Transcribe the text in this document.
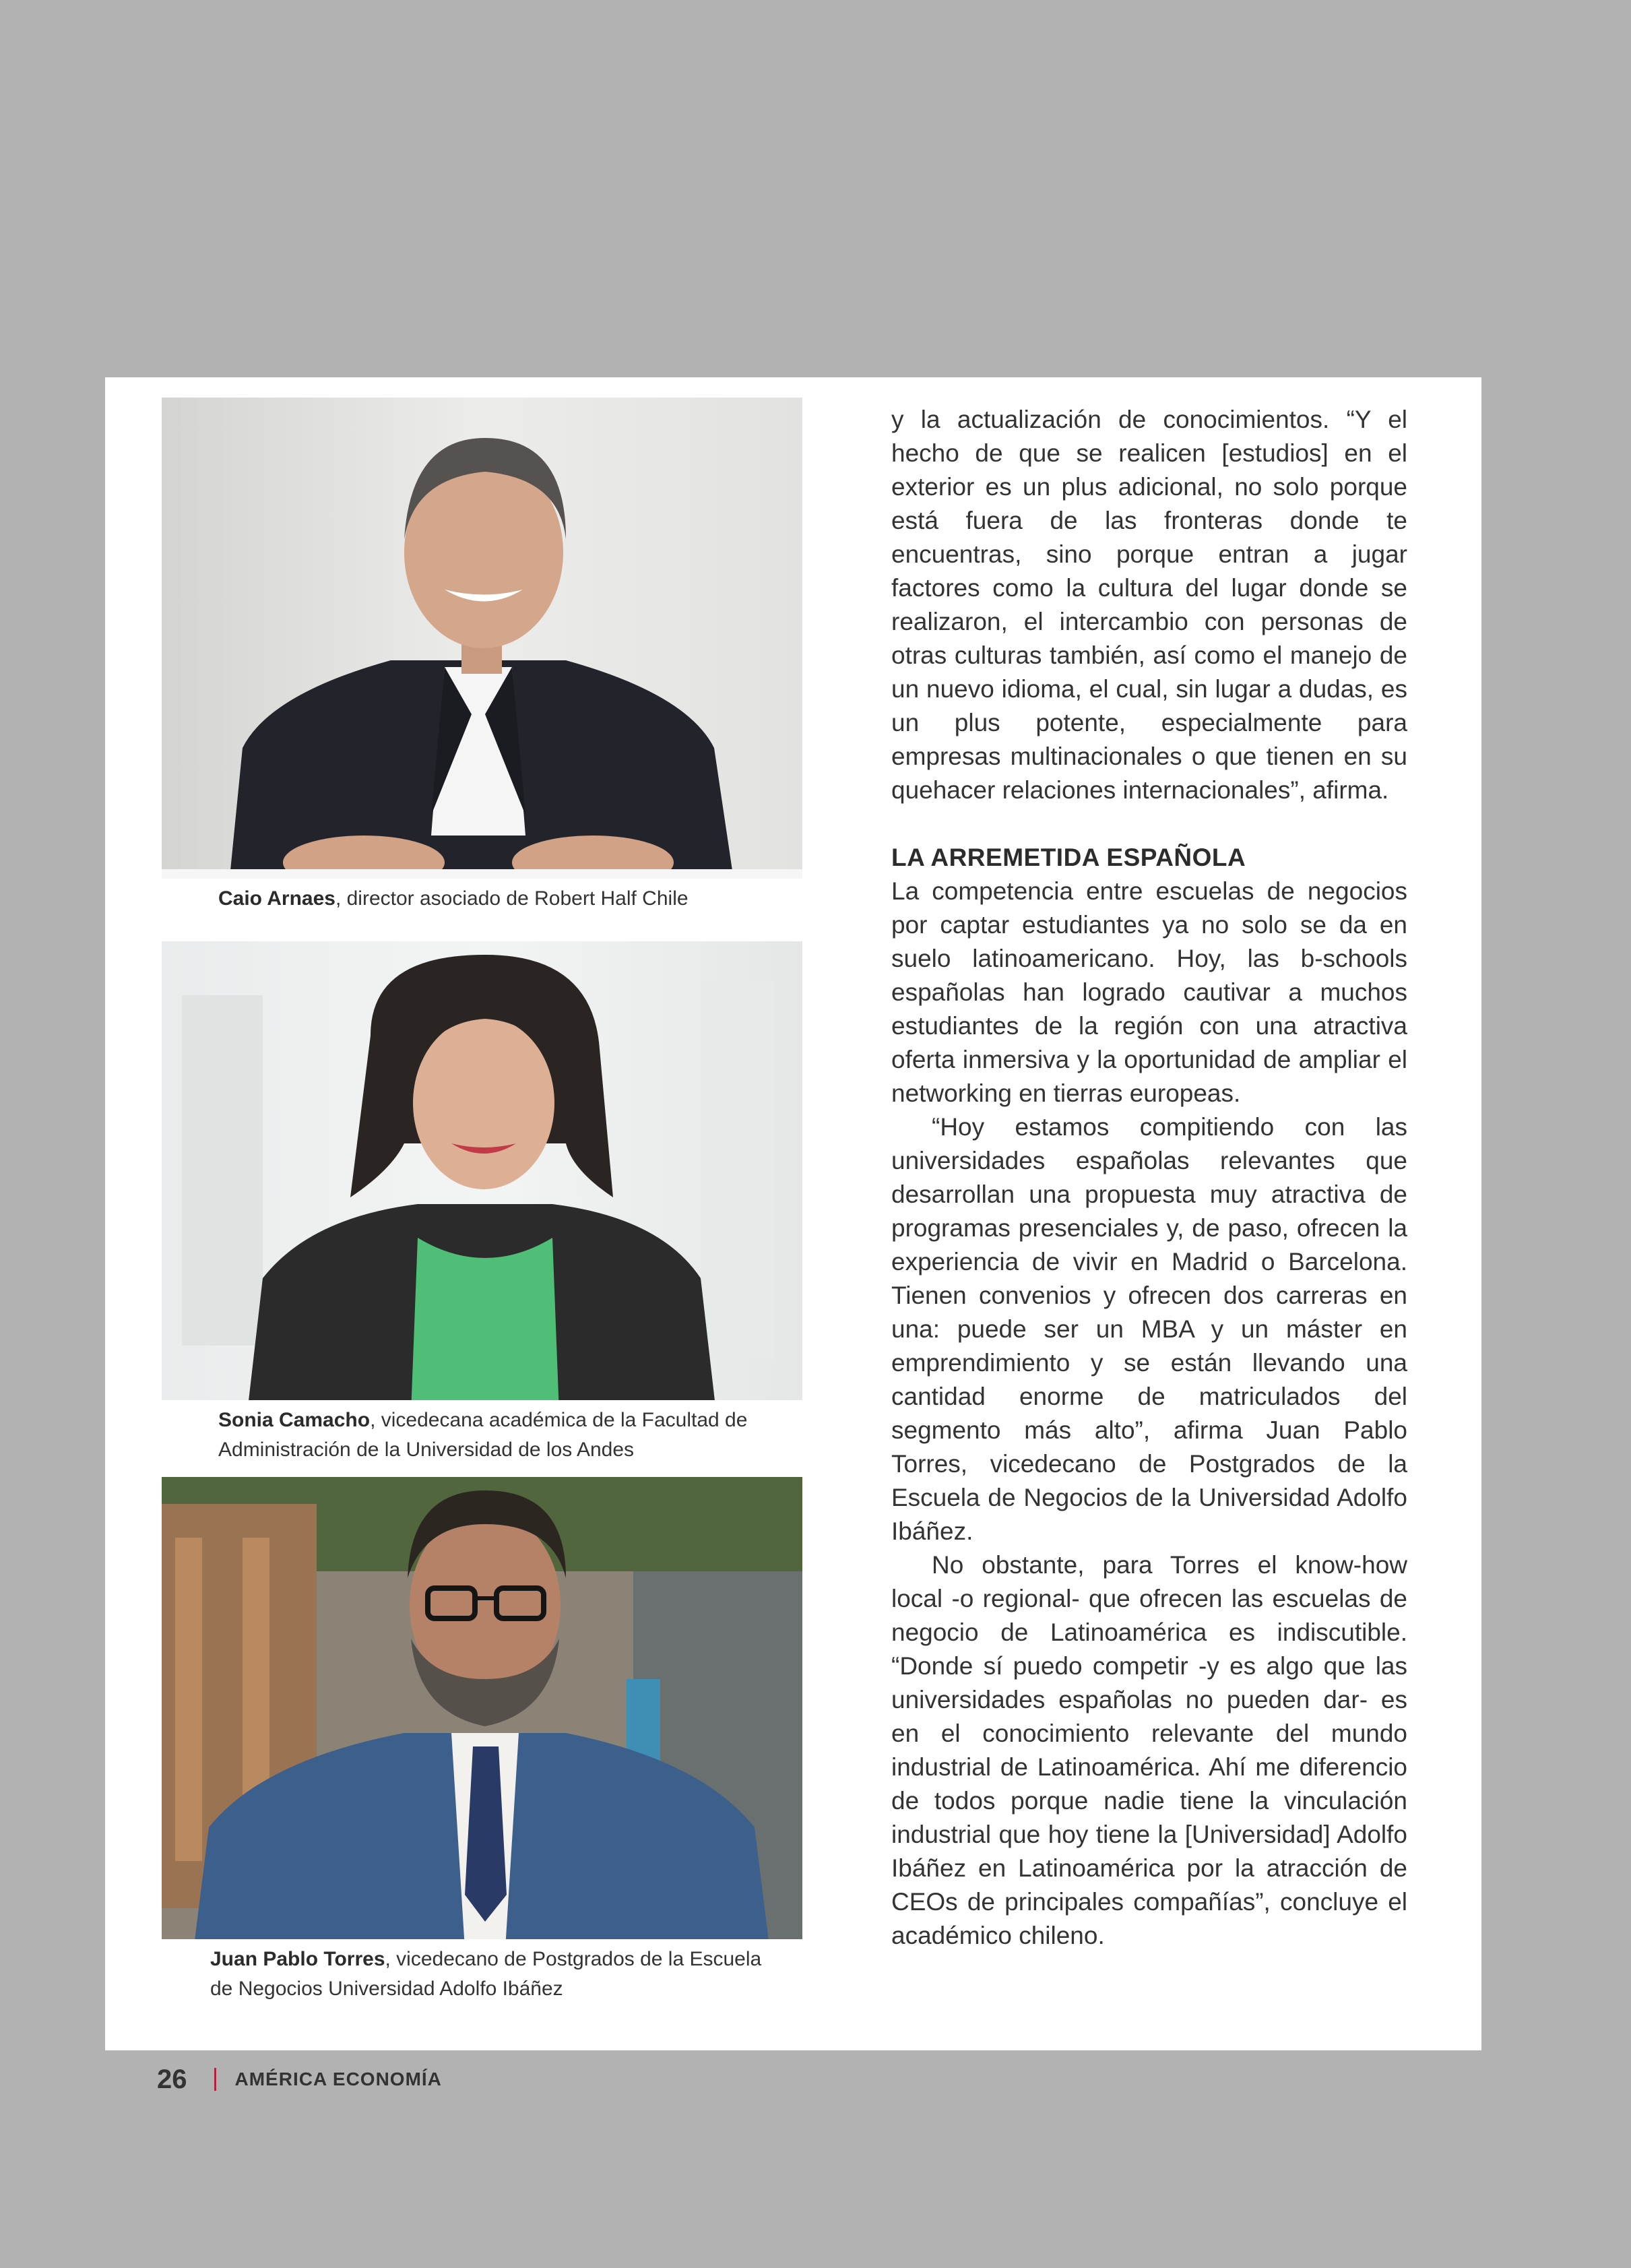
Caio Arnaes, director asociado de Robert Half Chile
Sonia Camacho, vicedecana académica de la Facultad de Administración de la Universidad de los Andes
Juan Pablo Torres, vicedecano de Postgrados de la Escuela de Negocios Universidad Adolfo Ibáñez

y la actualización de conocimientos. “Y el hecho de que se realicen [estudios] en el exterior es un plus adicional, no solo porque está fuera de las fronteras donde te encuentras, sino porque entran a jugar factores como la cultura del lugar donde se realizaron, el intercambio con personas de otras culturas también, así como el manejo de un nuevo idioma, el cual, sin lugar a dudas, es un plus potente, especialmente para empresas multinacionales o que tienen en su quehacer relaciones internacionales”, afirma.

LA ARREMETIDA ESPAÑOLA

La competencia entre escuelas de negocios por captar estudiantes ya no solo se da en suelo latinoamericano. Hoy, las b-schools españolas han logrado cautivar a muchos estudiantes de la región con una atractiva oferta inmersiva y la oportunidad de ampliar el networking en tierras europeas.

“Hoy estamos compitiendo con las universidades españolas relevantes que desarrollan una propuesta muy atractiva de programas presenciales y, de paso, ofrecen la experiencia de vivir en Madrid o Barcelona. Tienen convenios y ofrecen dos carreras en una: puede ser un MBA y un máster en emprendimiento y se están llevando una cantidad enorme de matriculados del segmento más alto”, afirma Juan Pablo Torres, vicedecano de Postgrados de la Escuela de Negocios de la Universidad Adolfo Ibáñez.

No obstante, para Torres el know-how local -o regional- que ofrecen las escuelas de negocio de Latinoamérica es indiscutible. “Donde sí puedo competir -y es algo que las universidades españolas no pueden dar- es en el conocimiento relevante del mundo industrial de Latinoamérica. Ahí me diferencio de todos porque nadie tiene la vinculación industrial que hoy tiene la [Universidad] Adolfo Ibáñez en Latinoamérica por la atracción de CEOs de principales compañías”, concluye el académico chileno.

26	AMÉRICA ECONOMÍA
